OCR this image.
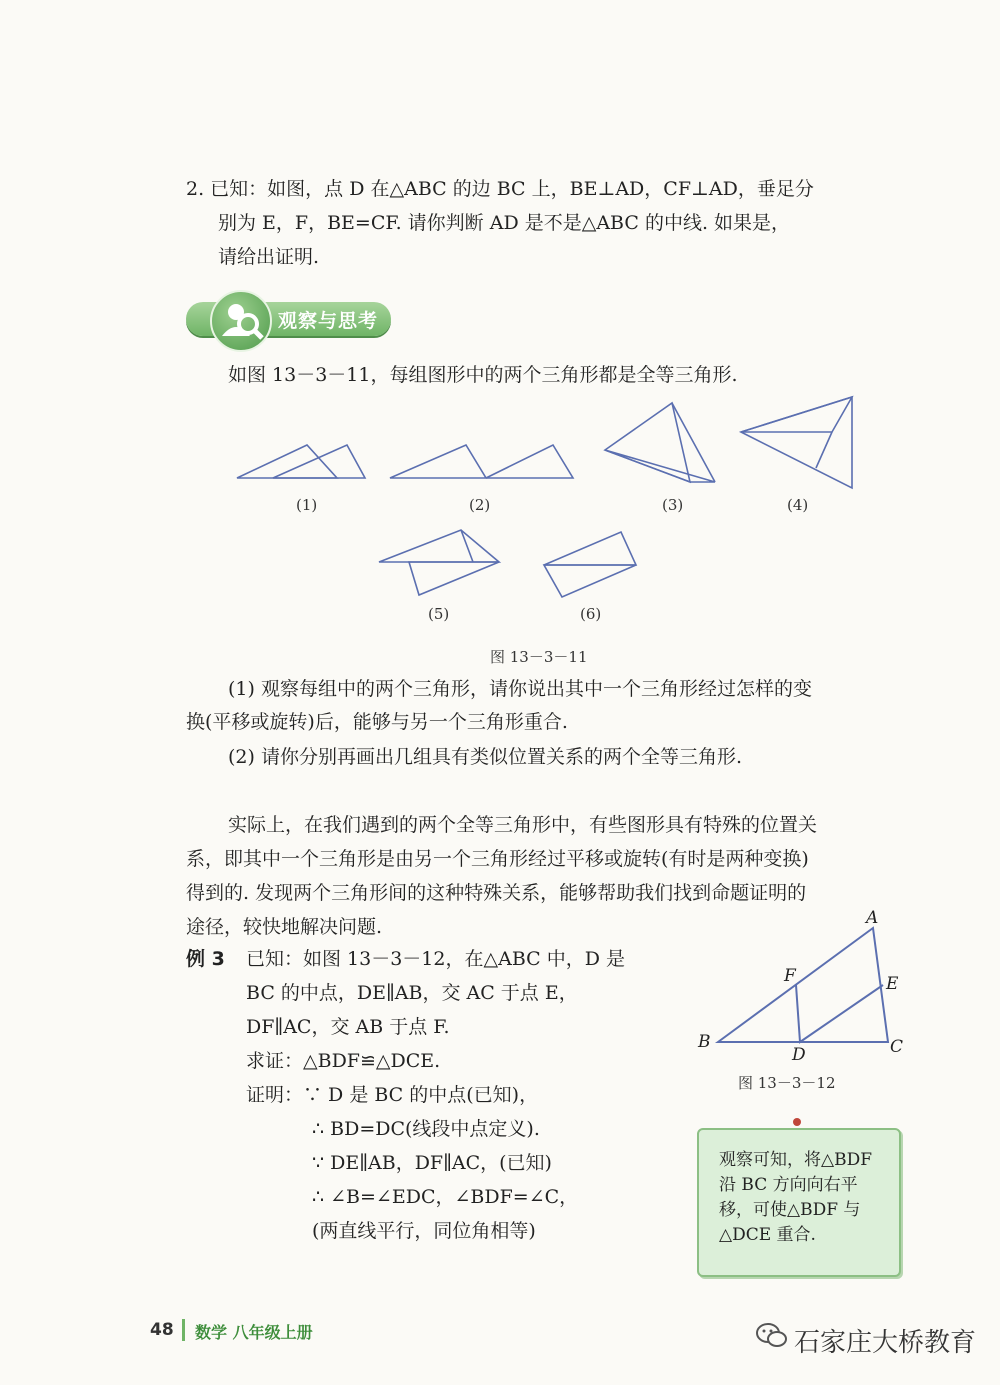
2. 已知：如图，点 D 在△ABC 的边 BC 上，BE⊥AD，CF⊥AD，垂足分
别为 E，F，BE=CF. 请你判断 AD 是不是△ABC 的中线. 如果是，
请给出证明.
观察与思考
如图 13－3－11，每组图形中的两个三角形都是全等三角形.
(1)	(2)	(3)	(4)
(5)	(6)
图 13－3－11
(1) 观察每组中的两个三角形，请你说出其中一个三角形经过怎样的变
换(平移或旋转)后，能够与另一个三角形重合.
(2) 请你分别再画出几组具有类似位置关系的两个全等三角形.
实际上，在我们遇到的两个全等三角形中，有些图形具有特殊的位置关
系，即其中一个三角形是由另一个三角形经过平移或旋转(有时是两种变换)
得到的. 发现两个三角形间的这种特殊关系，能够帮助我们找到命题证明的
途径，较快地解决问题.
例 3 已知：如图 13－3－12，在△ABC 中，D 是
BC 的中点，DE∥AB，交 AC 于点 E，
DF∥AC，交 AB 于点 F.
求证：△BDF≌△DCE.
证明：∵ D 是 BC 的中点(已知)，
∴ BD=DC(线段中点定义).
∵ DE∥AB，DF∥AC，(已知)
∴ ∠B=∠EDC，∠BDF=∠C，
(两直线平行，同位角相等)
A
B	C
D
E
F
图 13－3－12
观察可知，将△BDF 沿 BC 方向向右平移，可使△BDF 与△DCE 重合.
48 数学 八年级上册	石家庄大桥教育
